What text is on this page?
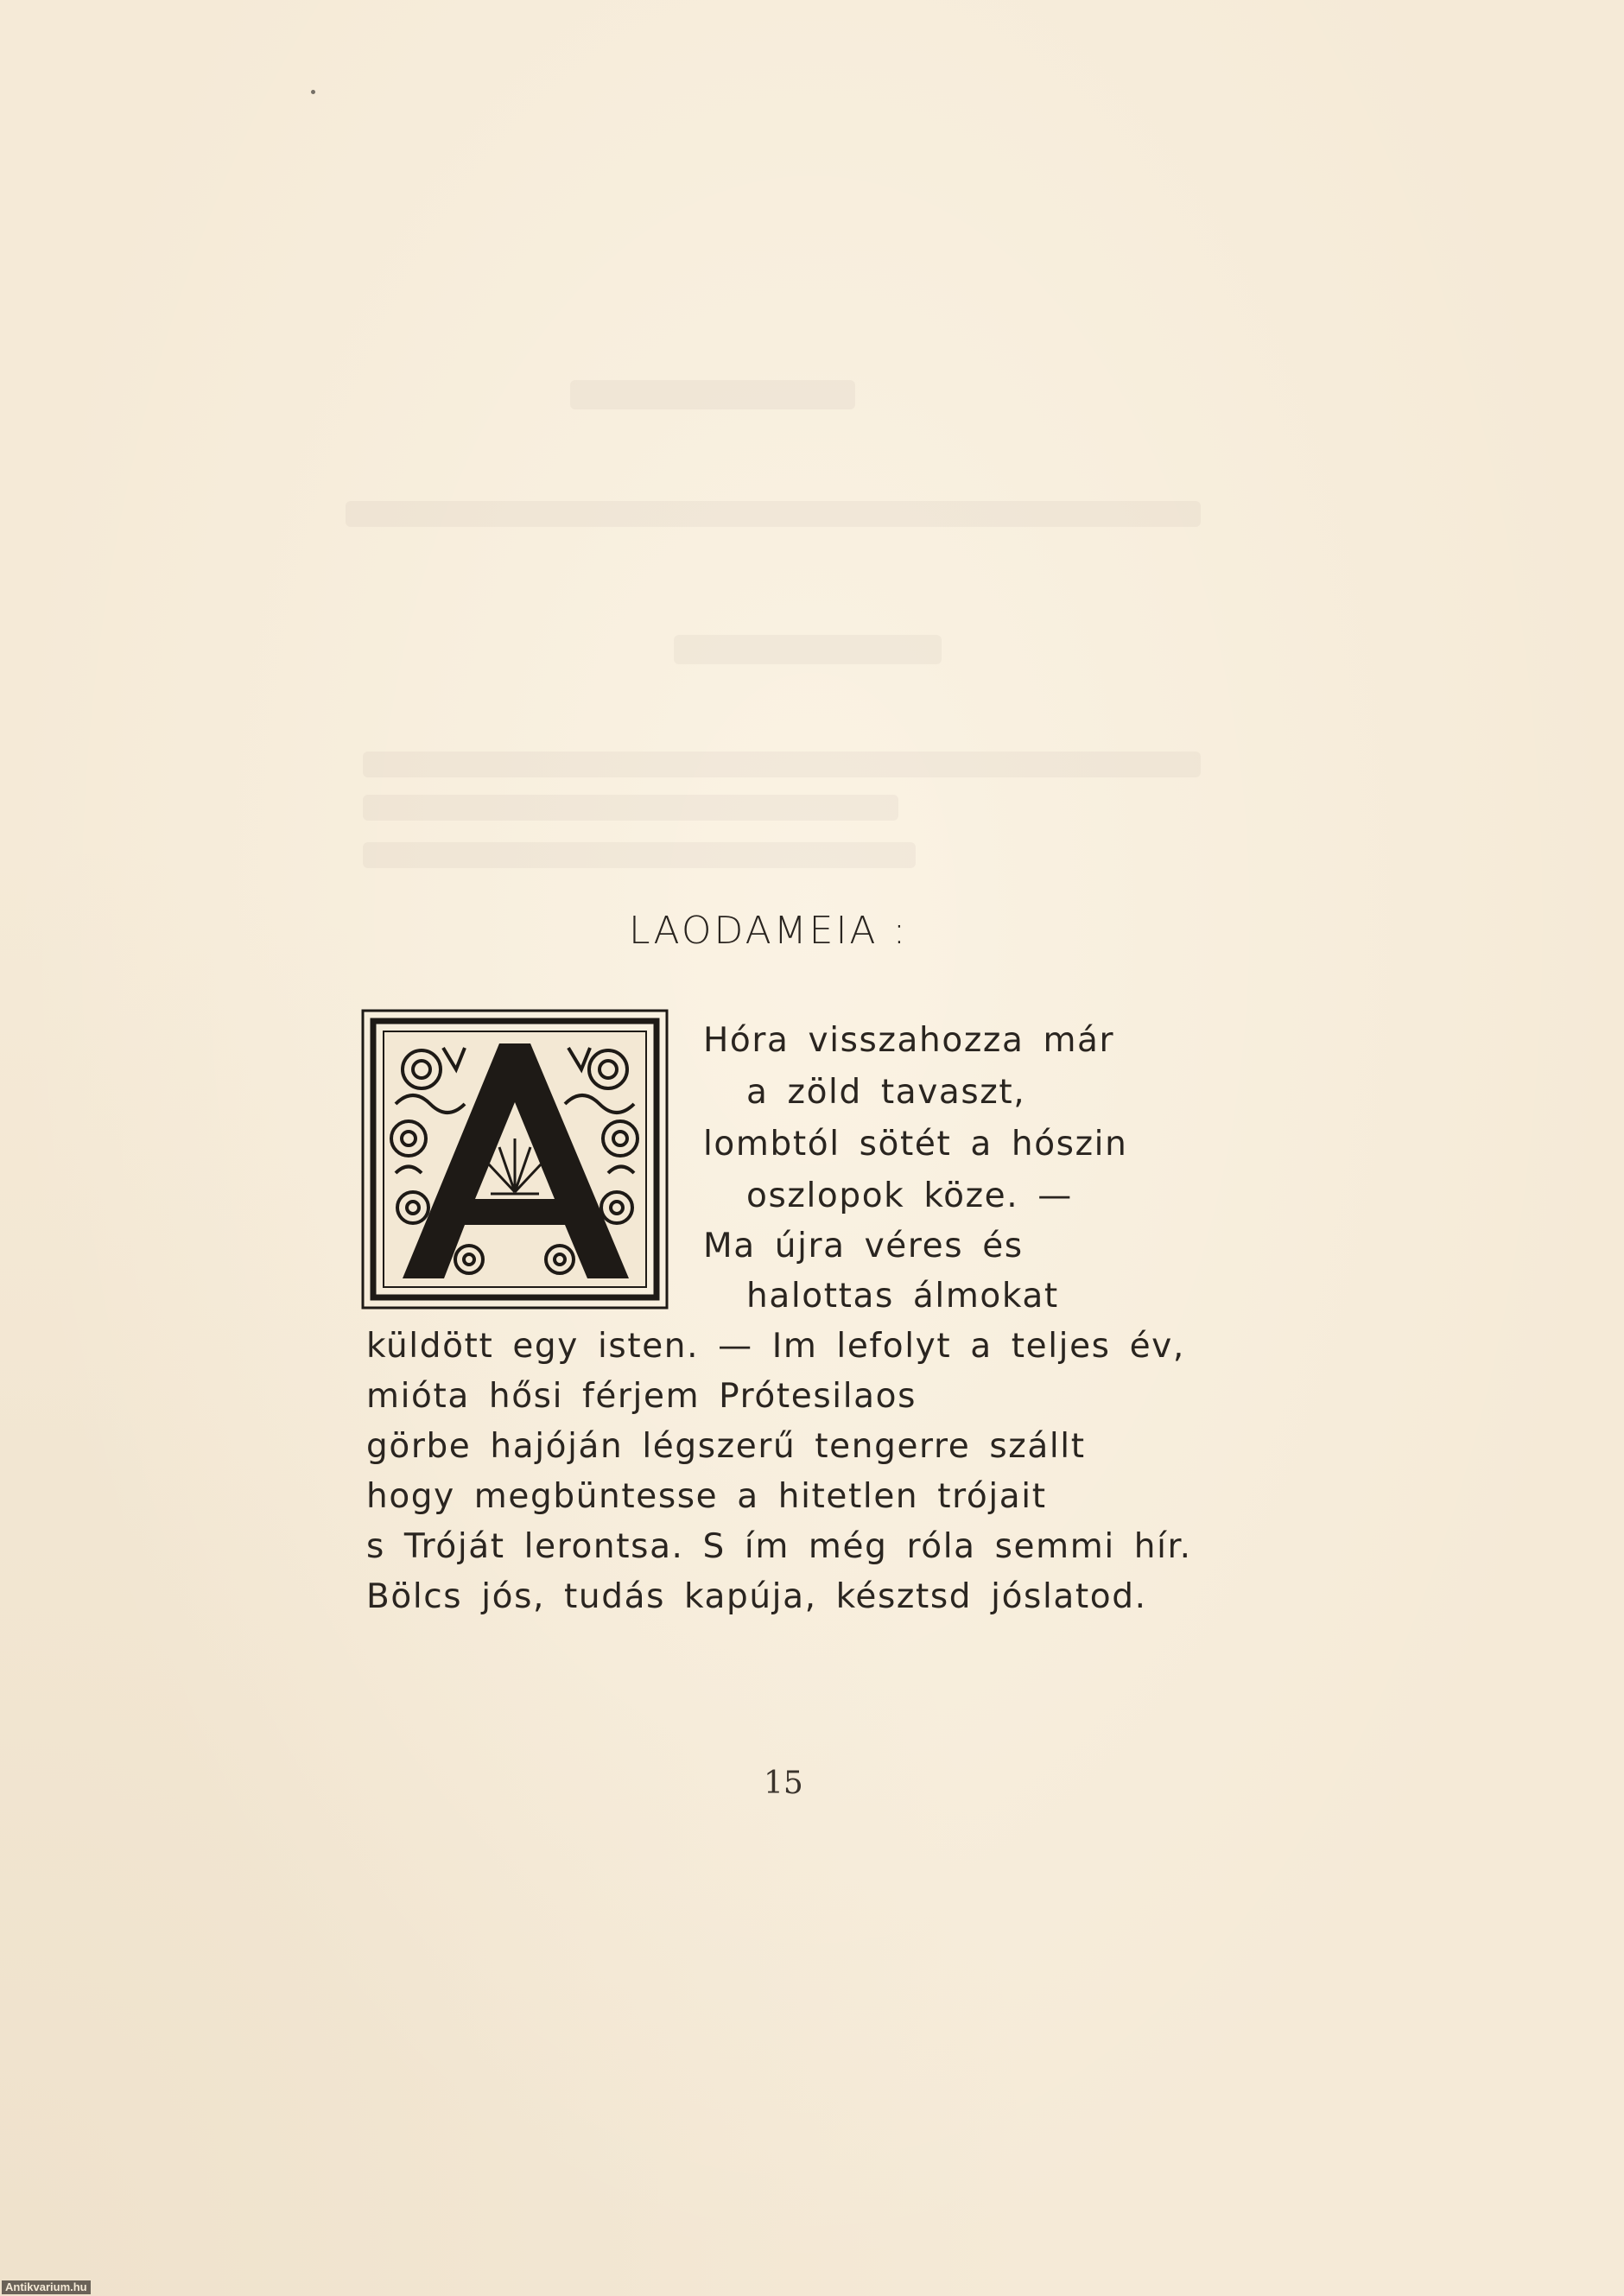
LAODAMEIA :
Hóra visszahozza már
a zöld tavaszt,
lombtól sötét a hószin
oszlopok köze. —
Ma újra véres és
halottas álmokat
küldött egy isten. — Im lefolyt a teljes év,
mióta hősi férjem Prótesilaos
görbe hajóján légszerű tengerre szállt
hogy megbüntesse a hitetlen trójait
s Tróját lerontsa. S ím még róla semmi hír.
Bölcs jós, tudás kapúja, késztsd jóslatod.
15
Antikvarium.hu
